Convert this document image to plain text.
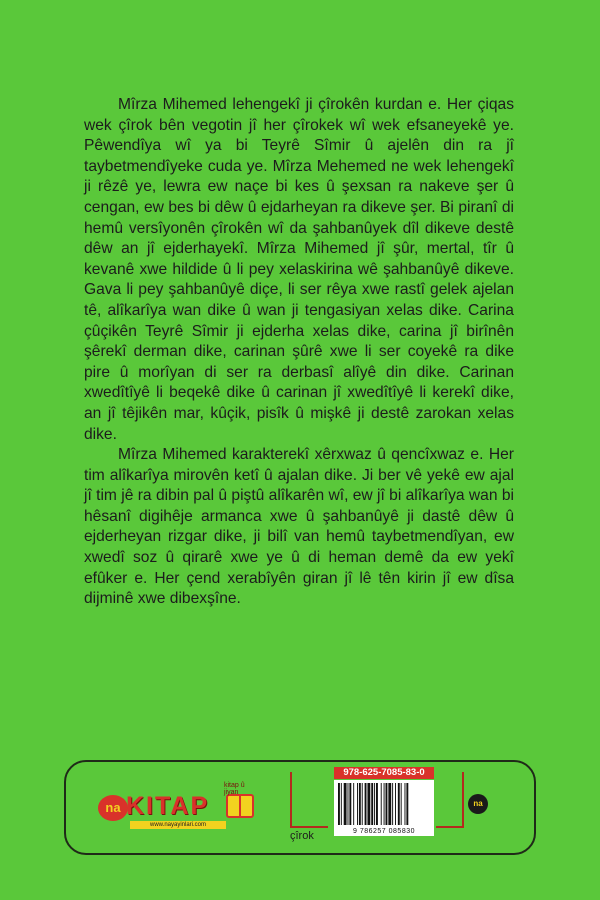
Mîrza Mihemed lehengekî ji çîrokên kurdan e. Her çiqas wek çîrok bên vegotin jî her çîrokek wî wek efsaneyekê ye. Pêwendîya wî ya bi Teyrê Sîmir û ajelên din ra jî taybetmendîyeke cuda ye. Mîrza Mehemed ne wek lehengekî ji rêzê ye, lewra ew naçe bi kes û şexsan ra nakeve şer û cengan, ew bes bi dêw û ejdarheyan ra dikeve şer. Bi piranî di hemû versîyonên çîrokên wî da şahbanûyek dîl dikeve destê dêw an jî ejderhayekî. Mîrza Mihemed jî şûr, mertal, tîr û kevanê xwe hildide û li pey xelaskirina wê şahbanûyê dikeve. Gava li pey şahbanûyê diçe, li ser rêya xwe rastî gelek ajelan tê, alîkarîya wan dike û wan ji tengasiyan xelas dike. Carina çûçikên Teyrê Sîmir ji ejderha xelas dike, carina jî birînên şêrekî derman dike, carinan şûrê xwe li ser coyekê ra dike pire û morîyan di ser ra derbasî alîyê din dike. Carinan xwedîtîyê li beqekê dike û carinan jî xwedîtîyê li kerekî dike, an jî têjikên mar, kûçik, pisîk û mişkê ji destê zarokan xelas dike.

Mîrza Mihemed karakterekî xêrxwaz û qencîxwaz e. Her tim alîkarîya mirovên ketî û ajalan dike. Ji ber vê yekê ew ajal jî tim jê ra dibin pal û piştû alîkarên wî, ew jî bi alîkarîya wan bi hêsanî digihêje armanca xwe û şahbanûyê ji dastê dêw û ejderheyan rizgar dike, ji bilî van hemû taybetmendîyan, ew xwedî soz û qirarê xwe ye û di heman demê da ew yekî efûker e. Her çend xerabîyên giran jî lê tên kirin jî ew dîsa dijminê xwe dibexşîne.

na KITAP
kitap û jiyan
www.nayayinlari.com
çîrok
978-625-7085-83-0
9 786257 085830
na
